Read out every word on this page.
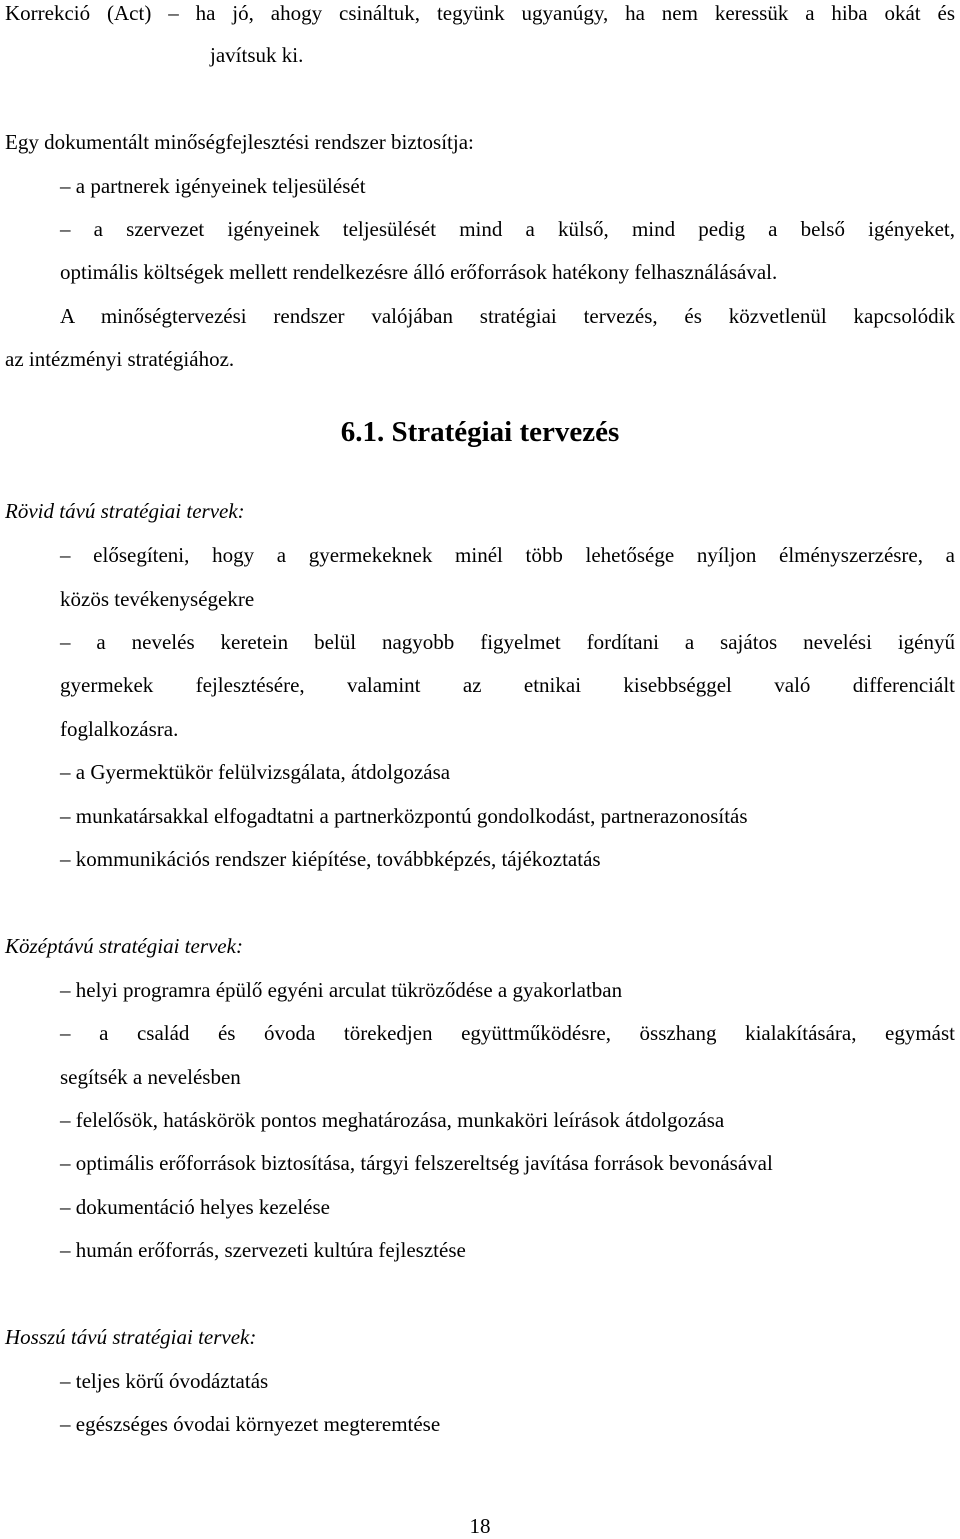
Korrekció (Act) – ha jó, ahogy csináltuk, tegyünk ugyanúgy, ha nem keressük a hiba okát és
javítsuk ki.
Egy dokumentált minőségfejlesztési rendszer biztosítja:
– a partnerek igényeinek teljesülését
– a szervezet igényeinek teljesülését mind a külső, mind pedig a belső igényeket,
optimális költségek mellett rendelkezésre álló erőforrások hatékony felhasználásával.
A minőségtervezési rendszer valójában stratégiai tervezés, és közvetlenül kapcsolódik
az intézményi stratégiához.
6.1. Stratégiai tervezés
Rövid távú stratégiai tervek:
– elősegíteni, hogy a gyermekeknek minél több lehetősége nyíljon élményszerzésre, a
közös tevékenységekre
– a nevelés keretein belül nagyobb figyelmet fordítani a sajátos nevelési igényű
gyermekek fejlesztésére, valamint az etnikai kisebbséggel való differenciált
foglalkozásra.
– a Gyermektükör felülvizsgálata, átdolgozása
– munkatársakkal elfogadtatni a partnerközpontú gondolkodást, partnerazonosítás
– kommunikációs rendszer kiépítése, továbbképzés, tájékoztatás
Középtávú stratégiai tervek:
– helyi programra épülő egyéni arculat tükröződése a gyakorlatban
– a család és óvoda törekedjen együttműködésre, összhang kialakítására, egymást
segítsék a nevelésben
– felelősök, hatáskörök pontos meghatározása, munkaköri leírások átdolgozása
– optimális erőforrások biztosítása, tárgyi felszereltség javítása források bevonásával
– dokumentáció helyes kezelése
– humán erőforrás, szervezeti kultúra fejlesztése
Hosszú távú stratégiai tervek:
– teljes körű óvodáztatás
– egészséges óvodai környezet megteremtése
18
